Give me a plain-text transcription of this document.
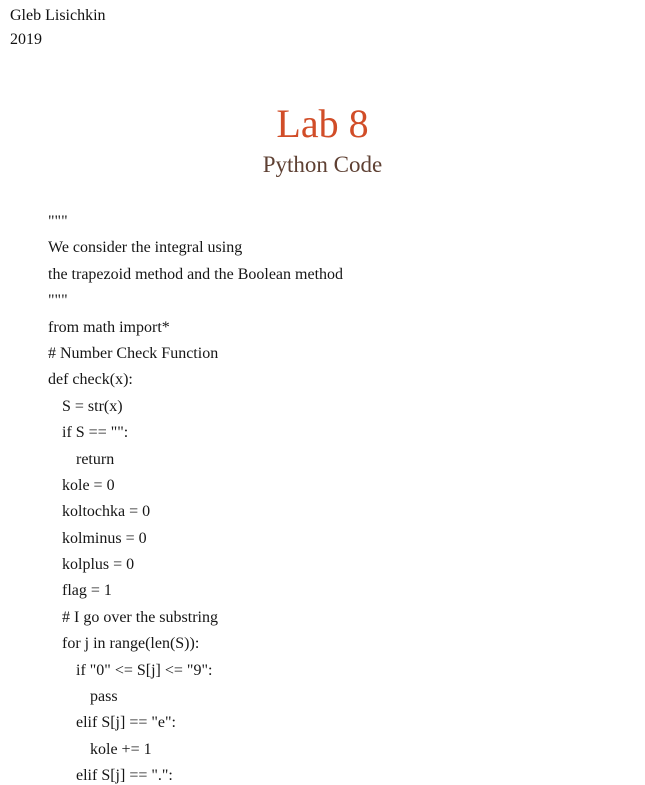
Gleb Lisichkin
2019
Lab 8
Python Code
"""
We consider the integral using
the trapezoid method and the Boolean method
"""
from math import*
# Number Check Function
def check(x):
S = str(x)
if S == "":
return
kole = 0
koltochka = 0
kolminus = 0
kolplus = 0
flag = 1
# I go over the substring
for j in range(len(S)):
if "0" <= S[j] <= "9":
pass
elif S[j] == "e":
kole += 1
elif S[j] == ".":
